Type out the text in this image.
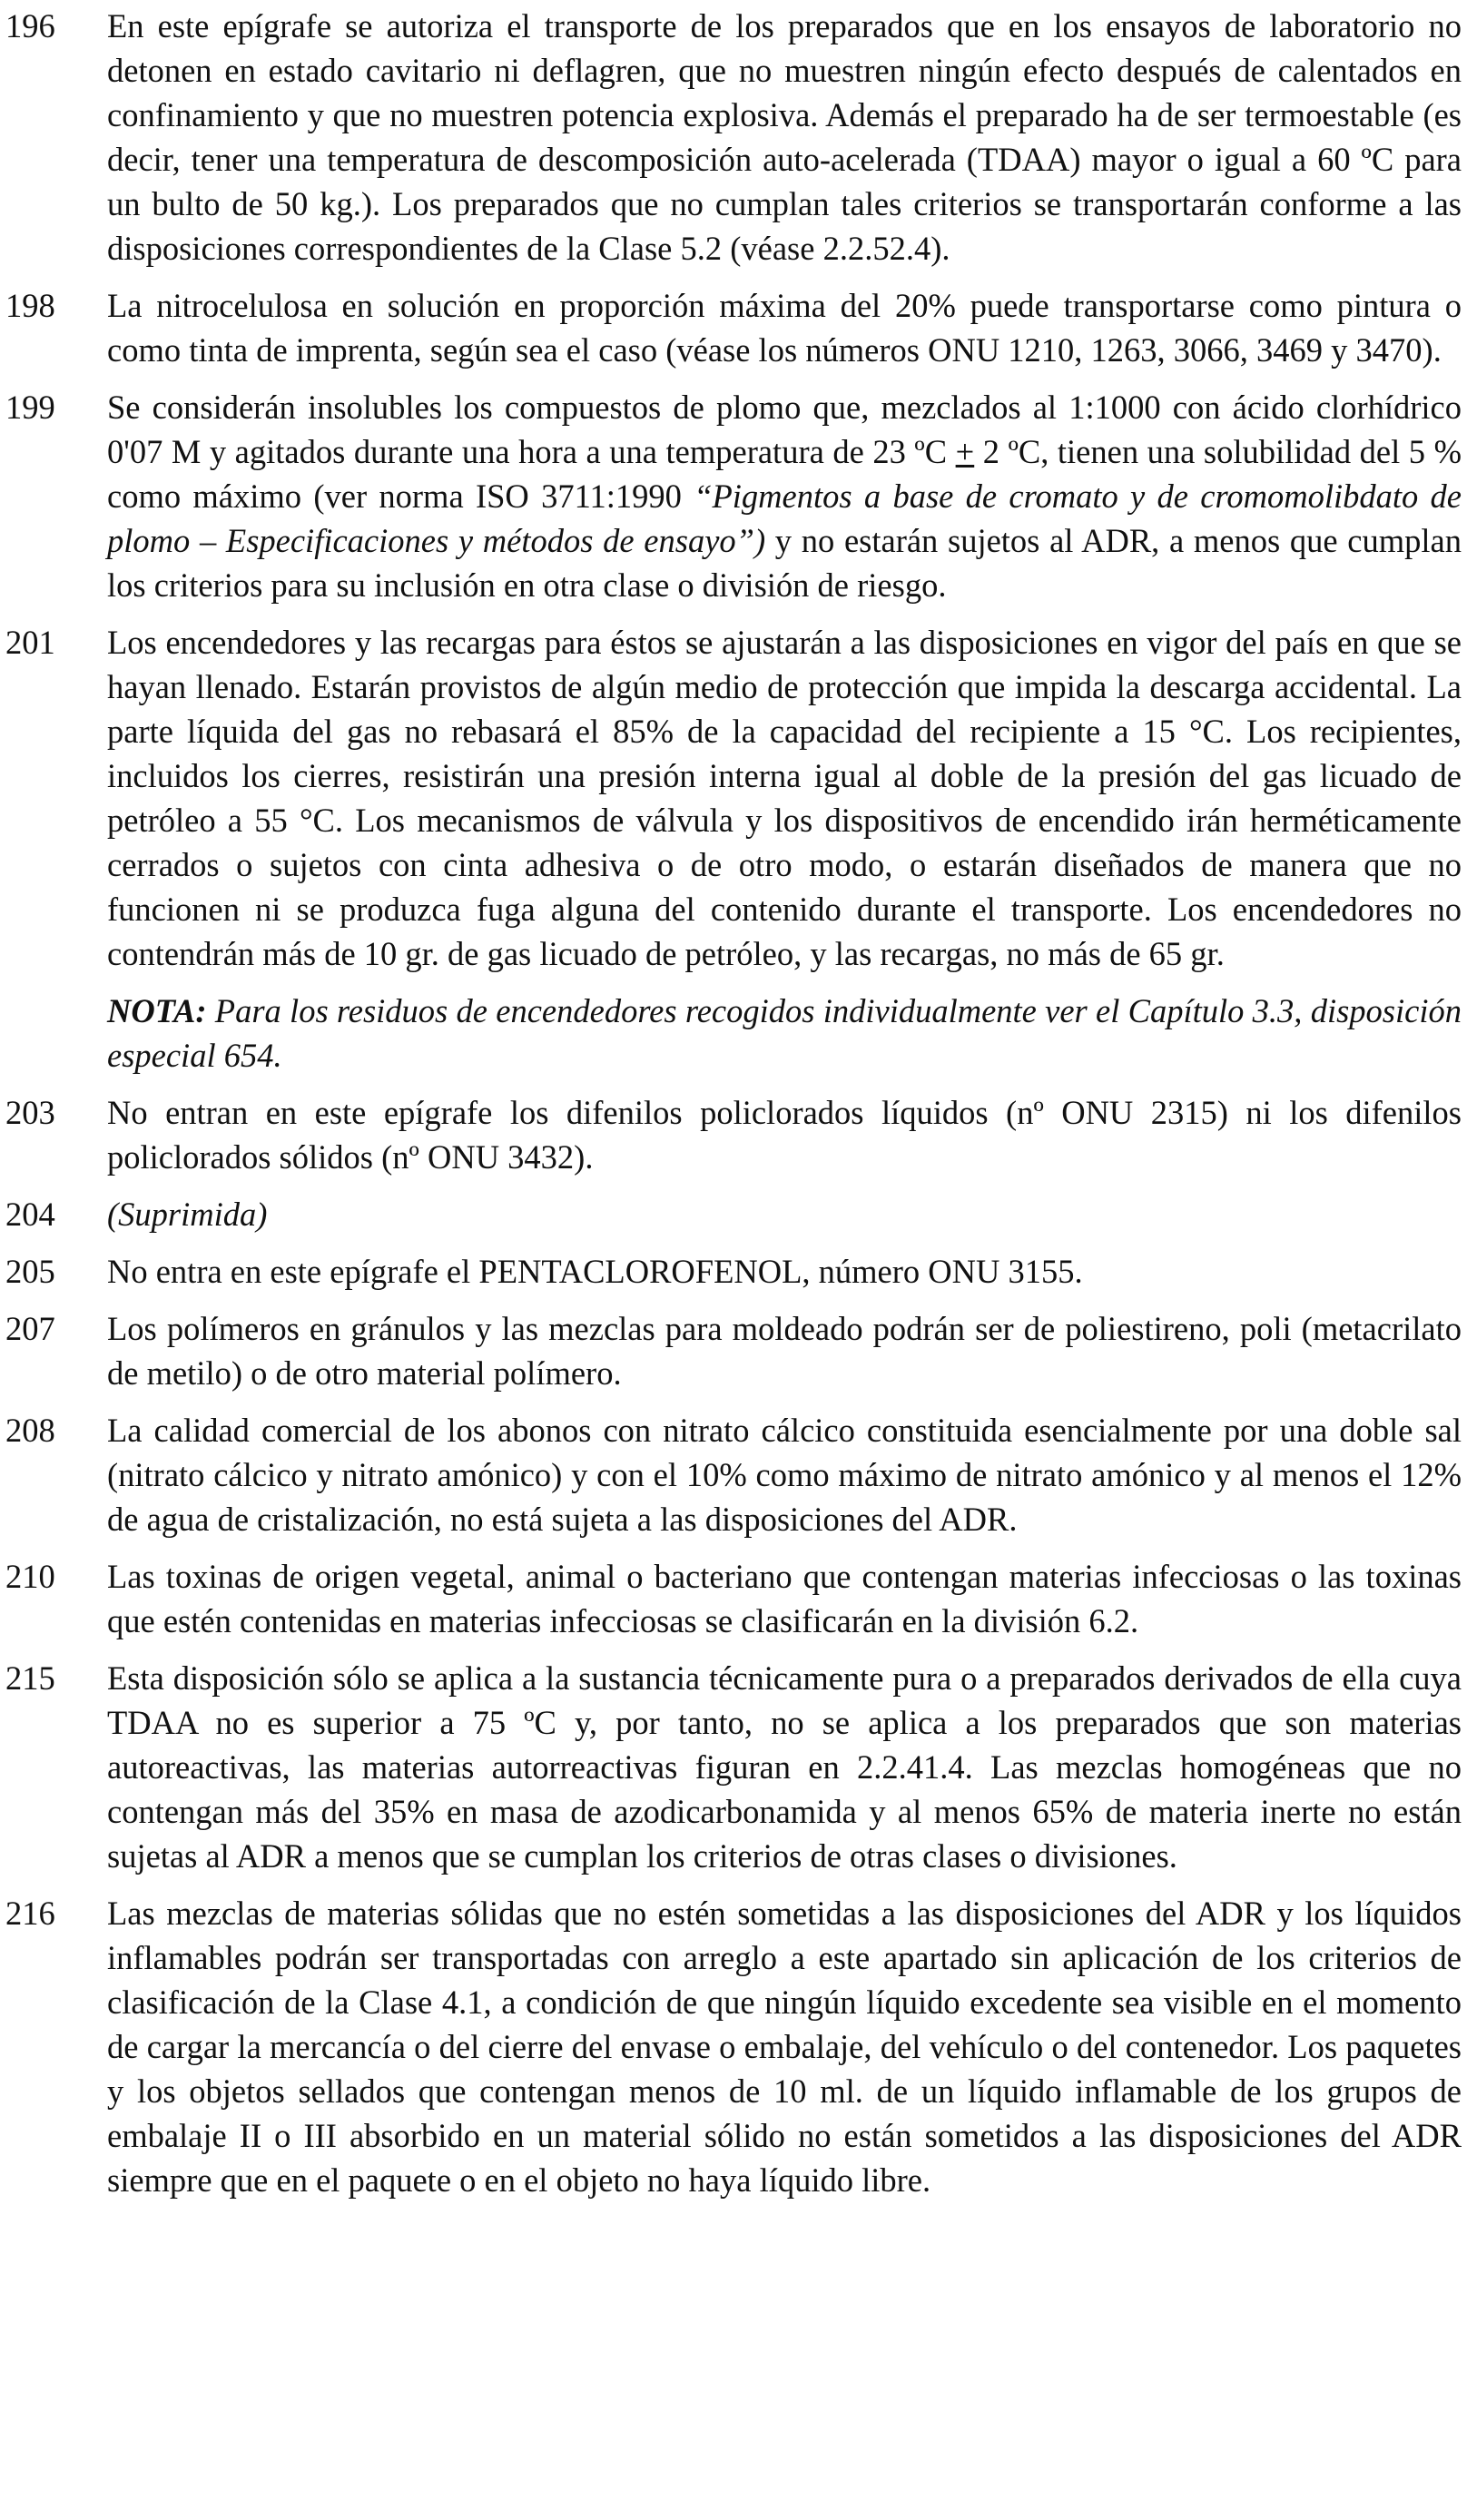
196	En este epígrafe se autoriza el transporte de los preparados que en los ensayos de laboratorio no detonen en estado cavitario ni deflagren, que no muestren ningún efecto después de calentados en confinamiento y que no muestren potencia explosiva. Además el preparado ha de ser termoestable (es decir, tener una temperatura de descomposición auto-acelerada (TDAA) mayor o igual a 60 ºC para un bulto de 50 kg.). Los preparados que no cumplan tales criterios se transportarán conforme a las disposiciones correspondientes de la Clase 5.2 (véase 2.2.52.4).

198	La nitrocelulosa en solución en proporción máxima del 20% puede transportarse como pintura o como tinta de imprenta, según sea el caso (véase los números ONU 1210, 1263, 3066, 3469 y 3470).

199	Se considerán insolubles los compuestos de plomo que, mezclados al 1:1000 con ácido clorhídrico 0'07 M y agitados durante una hora a una temperatura de 23 ºC + 2 ºC, tienen una solubilidad del 5 % como máximo (ver norma ISO 3711:1990 “Pigmentos a base de cromato y de cromomolibdato de plomo – Especificaciones y métodos de ensayo”) y no estarán sujetos al ADR, a menos que cumplan los criterios para su inclusión en otra clase o división de riesgo.

201	Los encendedores y las recargas para éstos se ajustarán a las disposiciones en vigor del país en que se hayan llenado. Estarán provistos de algún medio de protección que impida la descarga accidental. La parte líquida del gas no rebasará el 85% de la capacidad del recipiente a 15 °C. Los recipientes, incluidos los cierres, resistirán una presión interna igual al doble de la presión del gas licuado de petróleo a 55 °C. Los mecanismos de válvula y los dispositivos de encendido irán herméticamente cerrados o sujetos con cinta adhesiva o de otro modo, o estarán diseñados de manera que no funcionen ni se produzca fuga alguna del contenido durante el transporte. Los encendedores no contendrán más de 10 gr. de gas licuado de petróleo, y las recargas, no más de 65 gr.

NOTA: Para los residuos de encendedores recogidos individualmente ver el Capítulo 3.3, disposición especial 654.

203	No entran en este epígrafe los difenilos policlorados líquidos (nº ONU 2315) ni los difenilos policlorados sólidos (nº ONU 3432).

204	(Suprimida)

205	No entra en este epígrafe el PENTACLOROFENOL, número ONU 3155.

207	Los polímeros en gránulos y las mezclas para moldeado podrán ser de poliestireno, poli (metacrilato de metilo) o de otro material polímero.

208	La calidad comercial de los abonos con nitrato cálcico constituida esencialmente por una doble sal (nitrato cálcico y nitrato amónico) y con el 10% como máximo de nitrato amónico y al menos el 12% de agua de cristalización, no está sujeta a las disposiciones del ADR.

210	Las toxinas de origen vegetal, animal o bacteriano que contengan materias infecciosas o las toxinas que estén contenidas en materias infecciosas se clasificarán en la división 6.2.

215	Esta disposición sólo se aplica a la sustancia técnicamente pura o a preparados derivados de ella cuya TDAA no es superior a 75 ºC y, por tanto, no se aplica a los preparados que son materias autoreactivas, las materias autorreactivas figuran en 2.2.41.4. Las mezclas homogéneas que no contengan más del 35% en masa de azodicarbonamida y al menos 65% de materia inerte no están sujetas al ADR a menos que se cumplan los criterios de otras clases o divisiones.

216	Las mezclas de materias sólidas que no estén sometidas a las disposiciones del ADR y los líquidos inflamables podrán ser transportadas con arreglo a este apartado sin aplicación de los criterios de clasificación de la Clase 4.1, a condición de que ningún líquido excedente sea visible en el momento de cargar la mercancía o del cierre del envase o embalaje, del vehículo o del contenedor. Los paquetes y los objetos sellados que contengan menos de 10 ml. de un líquido inflamable de los grupos de embalaje II o III absorbido en un material sólido no están sometidos a las disposiciones del ADR siempre que en el paquete o en el objeto no haya líquido libre.
